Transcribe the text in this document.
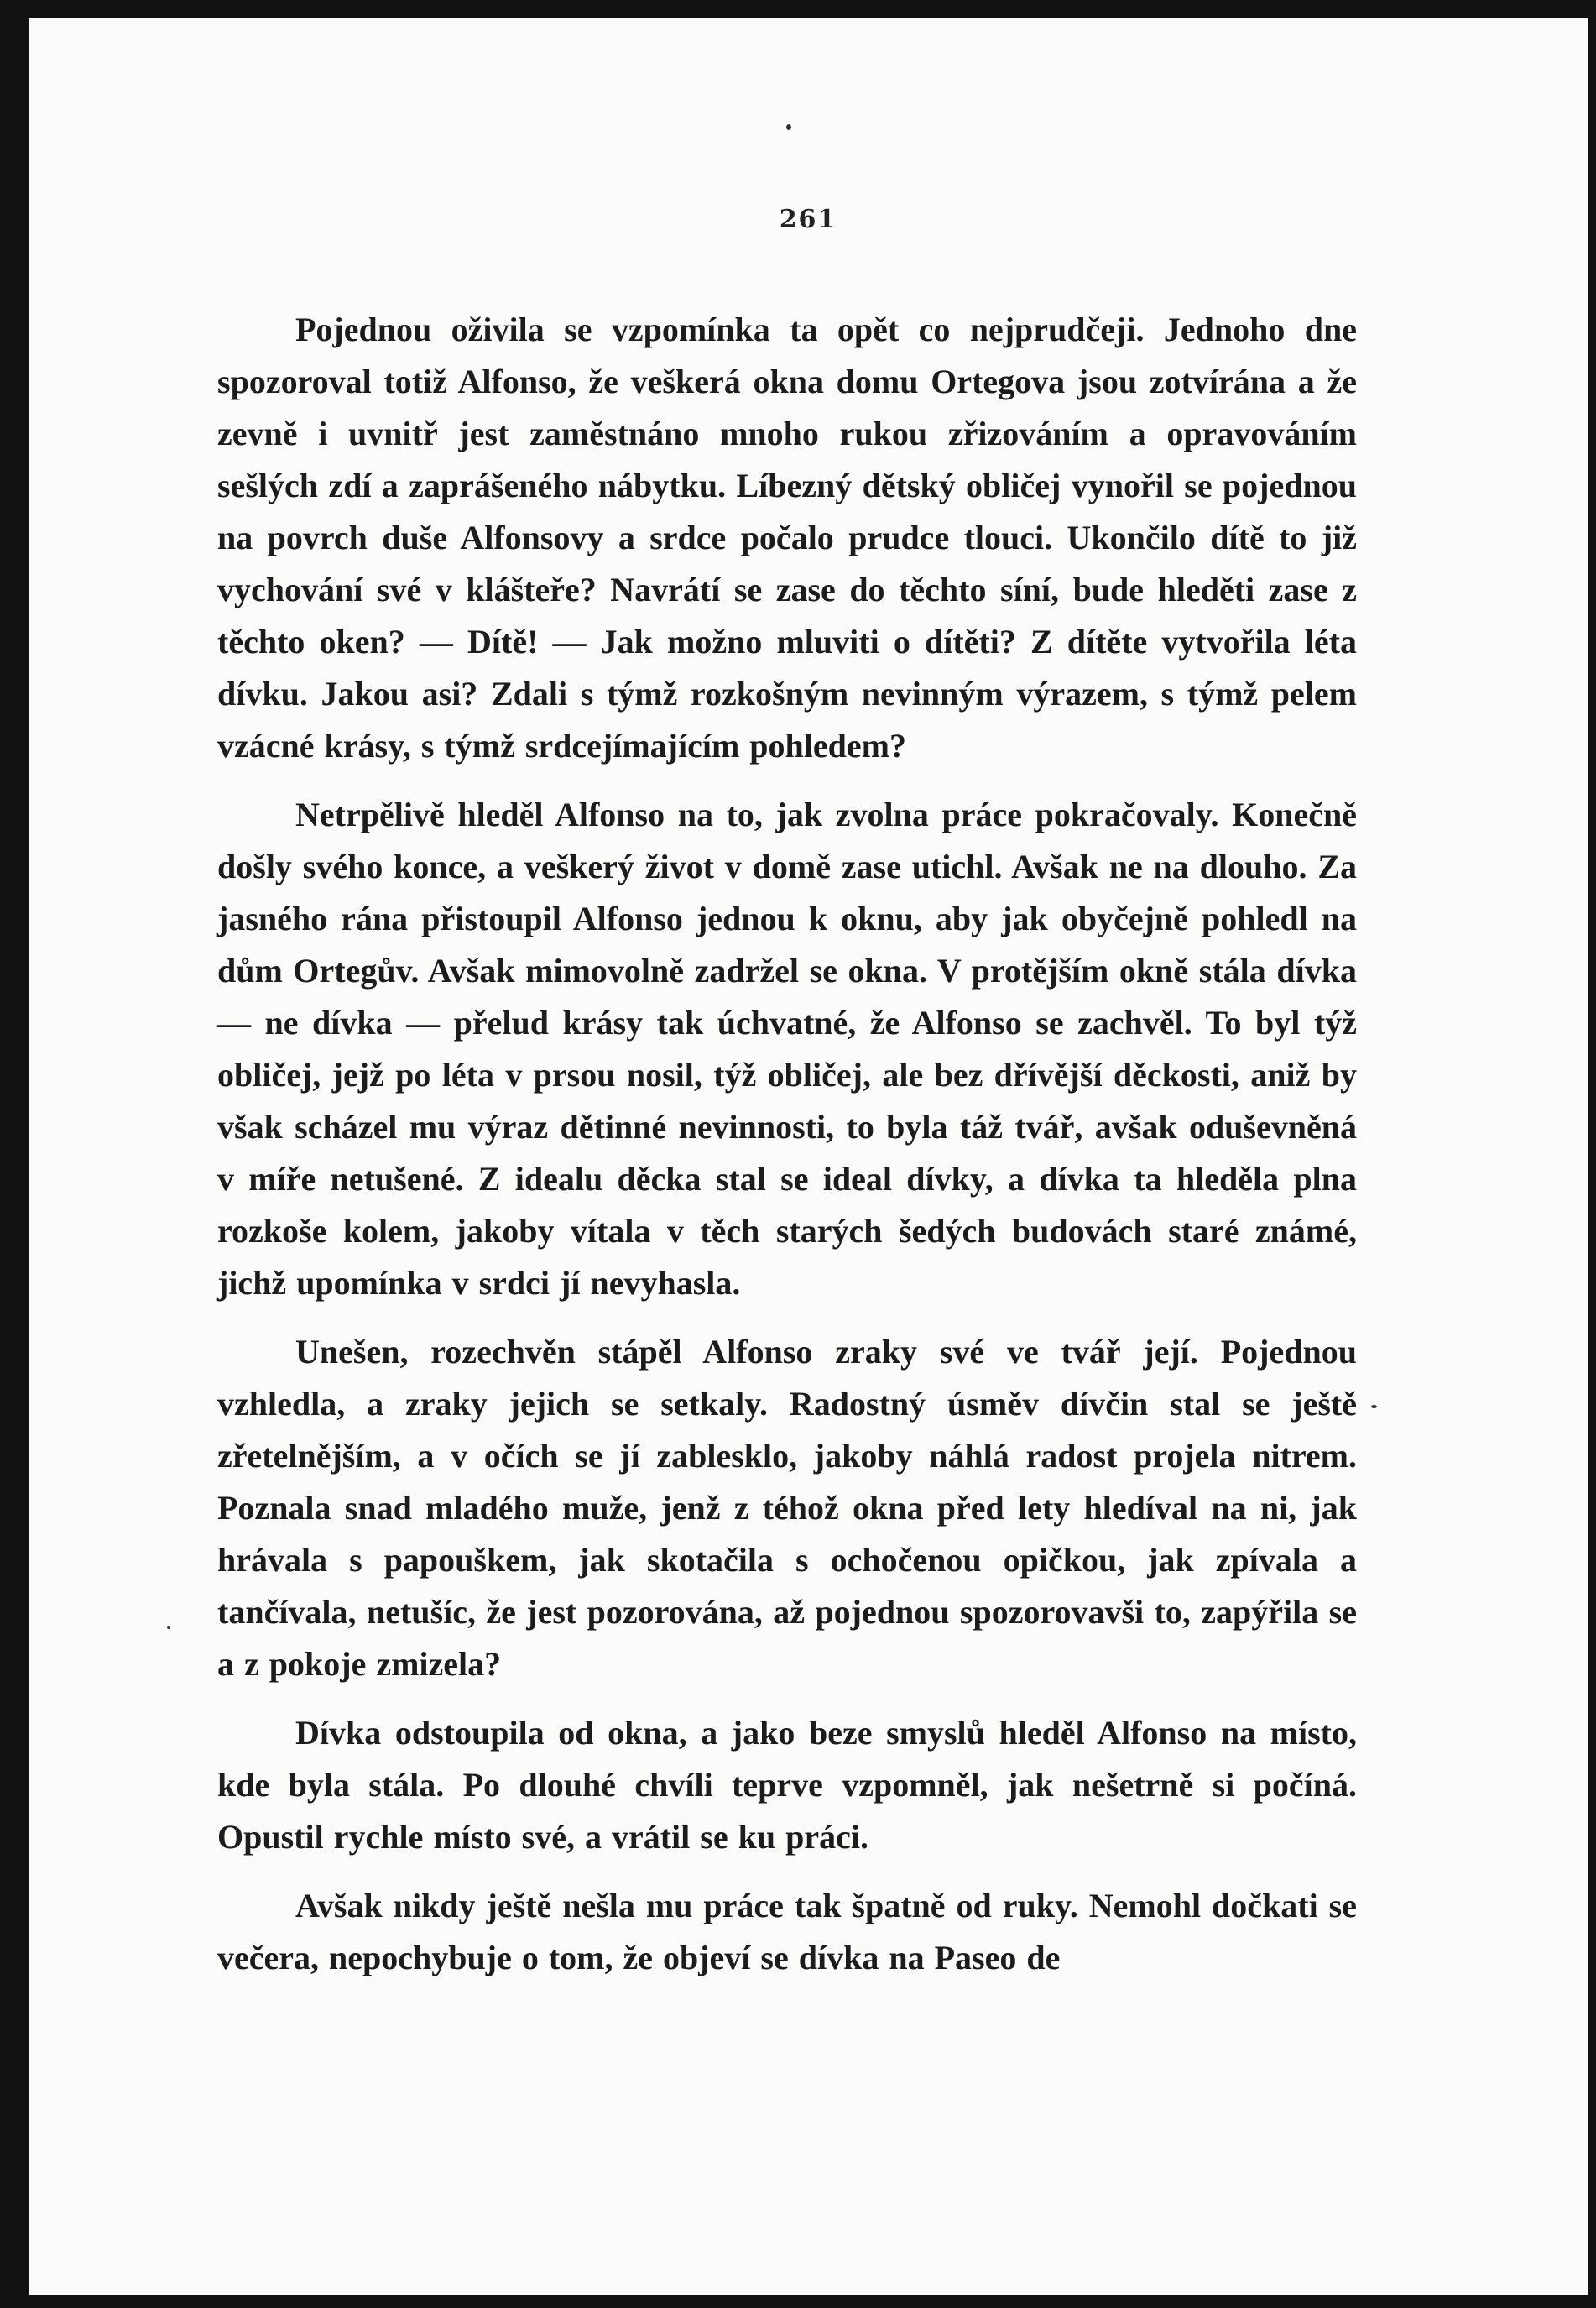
261

Pojednou oživila se vzpomínka ta opět co nejprudčeji. Jednoho dne spozoroval totiž Alfonso, že veškerá okna domu Ortegova jsou zotvírána a že zevně i uvnitř jest zaměstnáno mnoho rukou zřizováním a opravováním sešlých zdí a zaprášeného nábytku. Líbezný dětský obličej vynořil se pojednou na povrch duše Alfonsovy a srdce počalo prudce tlouci. Ukončilo dítě to již vychování své v klášteře? Navrátí se zase do těchto síní, bude hleděti zase z těchto oken? — Dítě! — Jak možno mluviti o dítěti? Z dítěte vytvořila léta dívku. Jakou asi? Zdali s týmž rozkošným nevinným výrazem, s týmž pelem vzácné krásy, s týmž srdcejímajícím pohledem?

Netrpělivě hleděl Alfonso na to, jak zvolna práce pokračovaly. Konečně došly svého konce, a veškerý život v domě zase utichl. Avšak ne na dlouho. Za jasného rána přistoupil Alfonso jednou k oknu, aby jak obyčejně pohledl na dům Ortegův. Avšak mimovolně zadržel se okna. V protějším okně stála dívka — ne dívka — přelud krásy tak úchvatné, že Alfonso se zachvěl. To byl týž obličej, jejž po léta v prsou nosil, týž obličej, ale bez dřívější děckosti, aniž by však scházel mu výraz dětinné nevinnosti, to byla táž tvář, avšak oduševněná v míře netušené. Z idealu děcka stal se ideal dívky, a dívka ta hleděla plna rozkoše kolem, jakoby vítala v těch starých šedých budovách staré známé, jichž upomínka v srdci jí nevyhasla.

Unešen, rozechvěn stápěl Alfonso zraky své ve tvář její. Pojednou vzhledla, a zraky jejich se setkaly. Radostný úsměv dívčin stal se ještě zřetelnějším, a v očích se jí zablesklo, jakoby náhlá radost projela nitrem. Poznala snad mladého muže, jenž z téhož okna před lety hledíval na ni, jak hrávala s papouškem, jak skotačila s ochočenou opičkou, jak zpívala a tančívala, netušíc, že jest pozorována, až pojednou spozorovavši to, zapýřila se a z pokoje zmizela?

Dívka odstoupila od okna, a jako beze smyslů hleděl Alfonso na místo, kde byla stála. Po dlouhé chvíli teprve vzpomněl, jak nešetrně si počíná. Opustil rychle místo své, a vrátil se ku práci.

Avšak nikdy ještě nešla mu práce tak špatně od ruky. Nemohl dočkati se večera, nepochybuje o tom, že objeví se dívka na Paseo de
